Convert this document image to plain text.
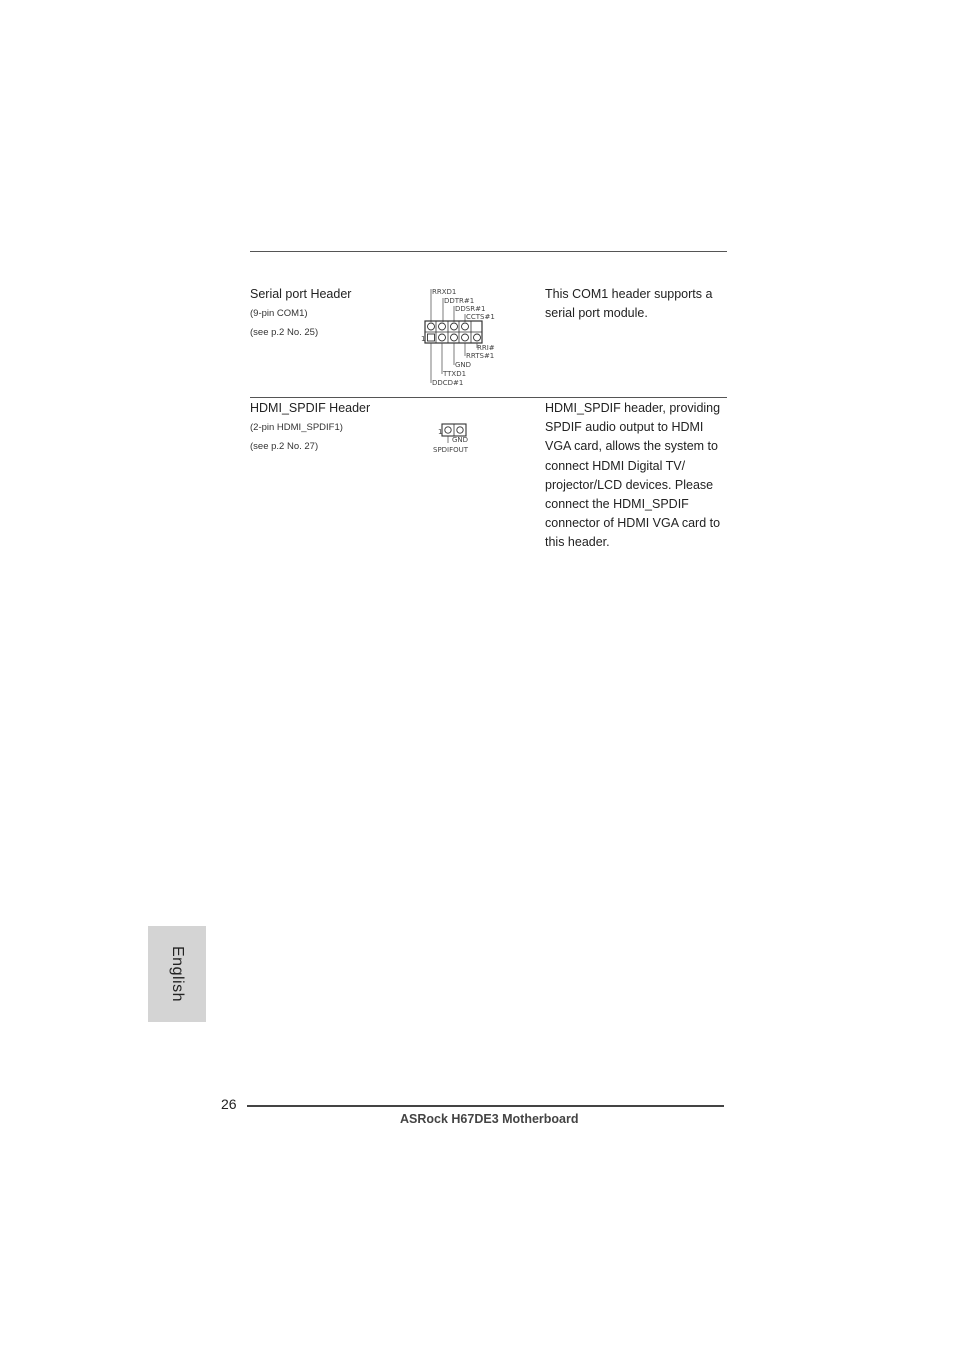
Serial port Header
(9-pin COM1)
(see p.2 No. 25)
RRXD1
DDTR#1
DDSR#1
CCTS#1
1
RRI#
RRTS#1
GND
TTXD1
DDCD#1
This COM1 header supports a serial port module.
HDMI_SPDIF Header
(2-pin HDMI_SPDIF1)
(see p.2 No. 27)
1
GND
SPDIFOUT
HDMI_SPDIF header, providing SPDIF audio output to HDMI VGA card, allows the system to connect HDMI Digital TV/ projector/LCD devices. Please connect the HDMI_SPDIF connector of HDMI VGA card to this header.
English
26
ASRock H67DE3 Motherboard
